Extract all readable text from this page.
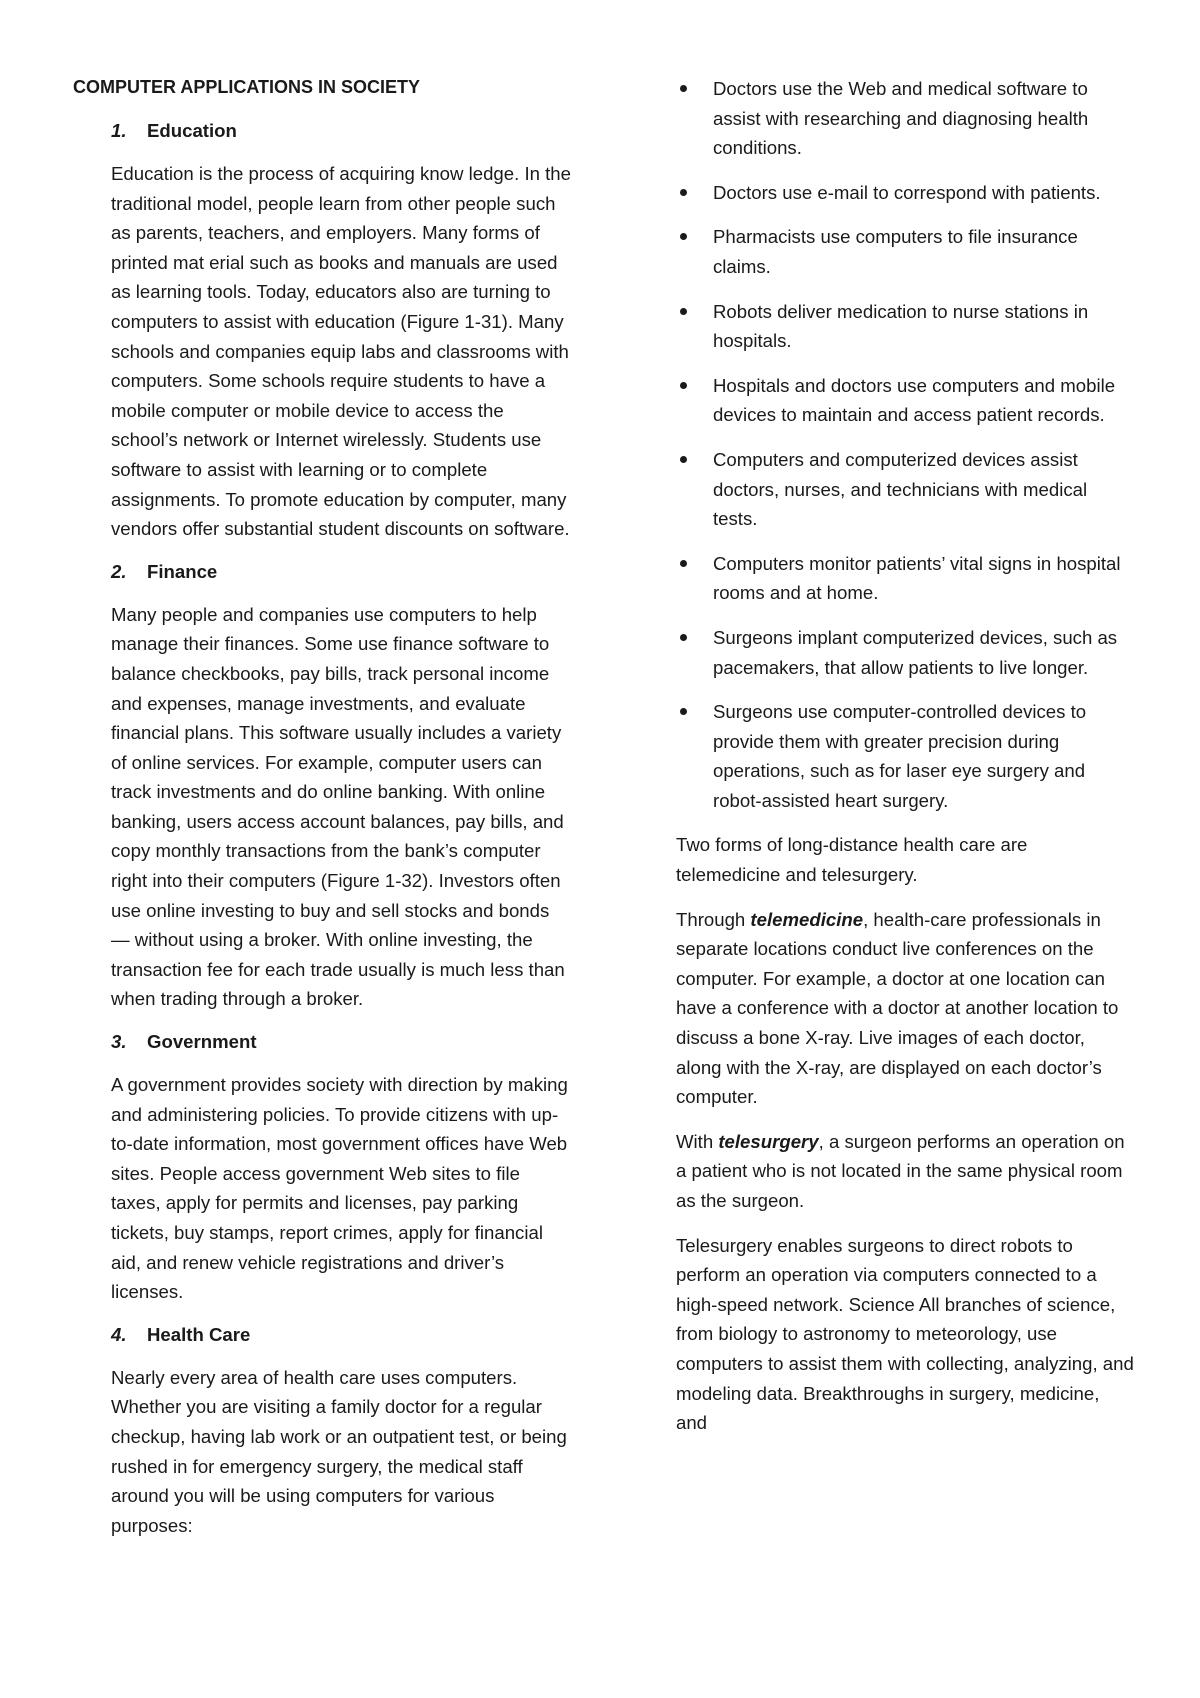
COMPUTER APPLICATIONS IN SOCIETY
1. Education

Education is the process of acquiring know ledge. In the traditional model, people learn from other people such as parents, teachers, and employers. Many forms of printed mat erial such as books and manuals are used as learning tools. Today, educators also are turning to computers to assist with education (Figure 1-31). Many schools and companies equip labs and classrooms with computers. Some schools require students to have a mobile computer or mobile device to access the school’s network or Internet wirelessly. Students use software to assist with learning or to complete assignments. To promote education by computer, many vendors offer substantial student discounts on software.

2. Finance

Many people and companies use computers to help manage their finances. Some use finance software to balance checkbooks, pay bills, track personal income and expenses, manage investments, and evaluate financial plans. This software usually includes a variety of online services. For example, computer users can track investments and do online banking. With online banking, users access account balances, pay bills, and copy monthly transactions from the bank’s computer right into their computers (Figure 1-32). Investors often use online investing to buy and sell stocks and bonds — without using a broker. With online investing, the transaction fee for each trade usually is much less than when trading through a broker.

3. Government

A government provides society with direction by making and administering policies. To provide citizens with up-to-date information, most government offices have Web sites. People access government Web sites to file taxes, apply for permits and licenses, pay parking tickets, buy stamps, report crimes, apply for financial aid, and renew vehicle registrations and driver’s licenses.

4. Health Care

Nearly every area of health care uses computers. Whether you are visiting a family doctor for a regular checkup, having lab work or an outpatient test, or being rushed in for emergency surgery, the medical staff around you will be using computers for various purposes:

Doctors use the Web and medical software to assist with researching and diagnosing health conditions.
Doctors use e-mail to correspond with patients.
Pharmacists use computers to file insurance claims.
Robots deliver medication to nurse stations in hospitals.
Hospitals and doctors use computers and mobile devices to maintain and access patient records.
Computers and computerized devices assist doctors, nurses, and technicians with medical tests.
Computers monitor patients’ vital signs in hospital rooms and at home.
Surgeons implant computerized devices, such as pacemakers, that allow patients to live longer.
Surgeons use computer-controlled devices to provide them with greater precision during operations, such as for laser eye surgery and robot-assisted heart surgery.

Two forms of long-distance health care are telemedicine and telesurgery.

Through telemedicine, health-care professionals in separate locations conduct live conferences on the computer. For example, a doctor at one location can have a conference with a doctor at another location to discuss a bone X-ray. Live images of each doctor, along with the X-ray, are displayed on each doctor’s computer.

With telesurgery, a surgeon performs an operation on a patient who is not located in the same physical room as the surgeon.

Telesurgery enables surgeons to direct robots to perform an operation via computers connected to a high-speed network. Science All branches of science, from biology to astronomy to meteorology, use computers to assist them with collecting, analyzing, and modeling data. Breakthroughs in surgery, medicine, and
